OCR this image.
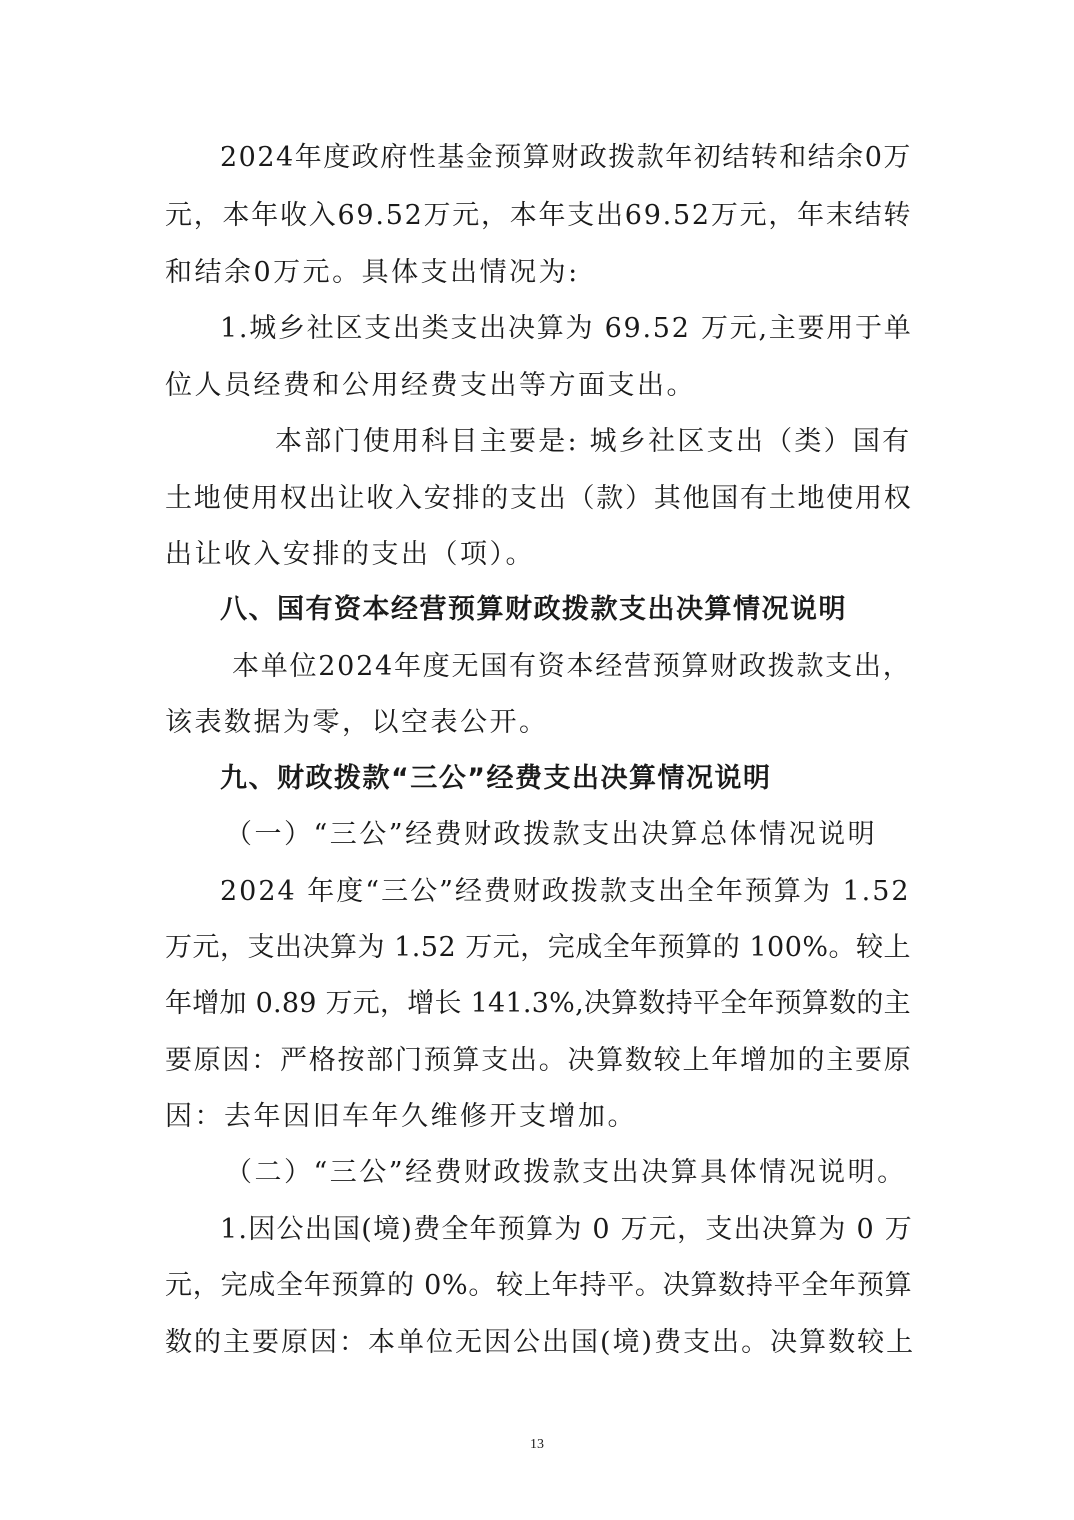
2024年度政府性基金预算财政拨款年初结转和结余0万
元，本年收入69.52万元，本年支出69.52万元，年末结转
和结余0万元。具体支出情况为:
1.城乡社区支出类支出决算为 69.52 万元,主要用于单
位人员经费和公用经费支出等方面支出。
本部门使用科目主要是: 城乡社区支出（类）国有
土地使用权出让收入安排的支出（款）其他国有土地使用权
出让收入安排的支出（项）。
八、国有资本经营预算财政拨款支出决算情况说明
本单位2024年度无国有资本经营预算财政拨款支出，
该表数据为零，以空表公开。
九、财政拨款“三公”经费支出决算情况说明
（一）“三公”经费财政拨款支出决算总体情况说明
2024 年度“三公”经费财政拨款支出全年预算为 1.52
万元，支出决算为 1.52 万元，完成全年预算的 100%。较上
年增加 0.89 万元，增长 141.3%,决算数持平全年预算数的主
要原因：严格按部门预算支出。决算数较上年增加的主要原
因：去年因旧车年久维修开支增加。
（二）“三公”经费财政拨款支出决算具体情况说明。
1.因公出国(境)费全年预算为 0 万元，支出决算为 0 万
元，完成全年预算的 0%。较上年持平。决算数持平全年预算
数的主要原因：本单位无因公出国(境)费支出。决算数较上
13
